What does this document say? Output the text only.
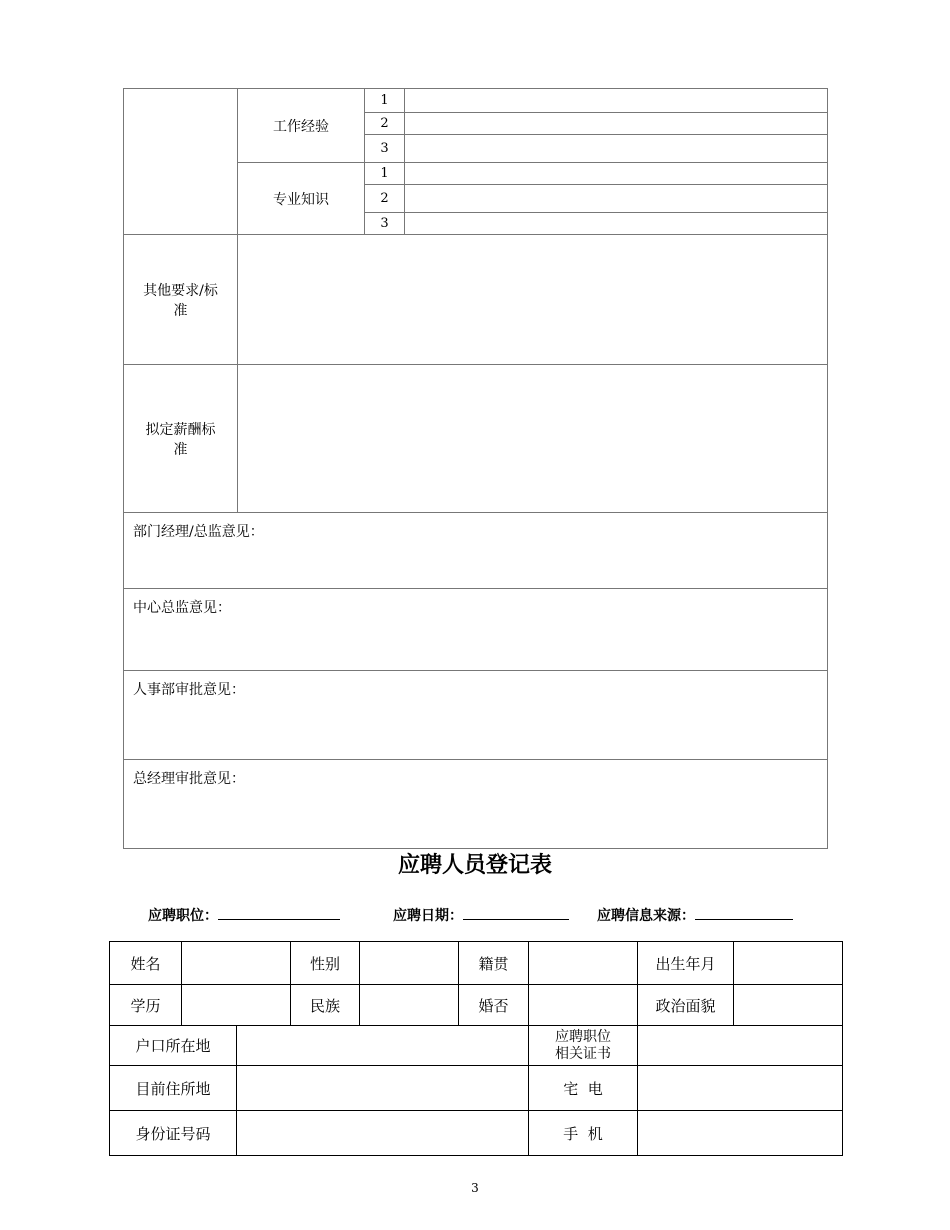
	工作经验	1	
		2	
		3	
	专业知识	1	
		2	
		3	
其他要求/标
准			
拟定薪酬标
准			
部门经理/总监意见：			
中心总监意见：			
人事部审批意见：			
总经理审批意见：			
应聘人员登记表
应聘职位：	应聘日期：	应聘信息来源：
姓名			性别		籍贯		出生年月	
学历			民族		婚否		政治面貌	
户口所在地						应聘职位
相关证书		
目前住所地						宅  电		
身份证号码						手  机		
3
